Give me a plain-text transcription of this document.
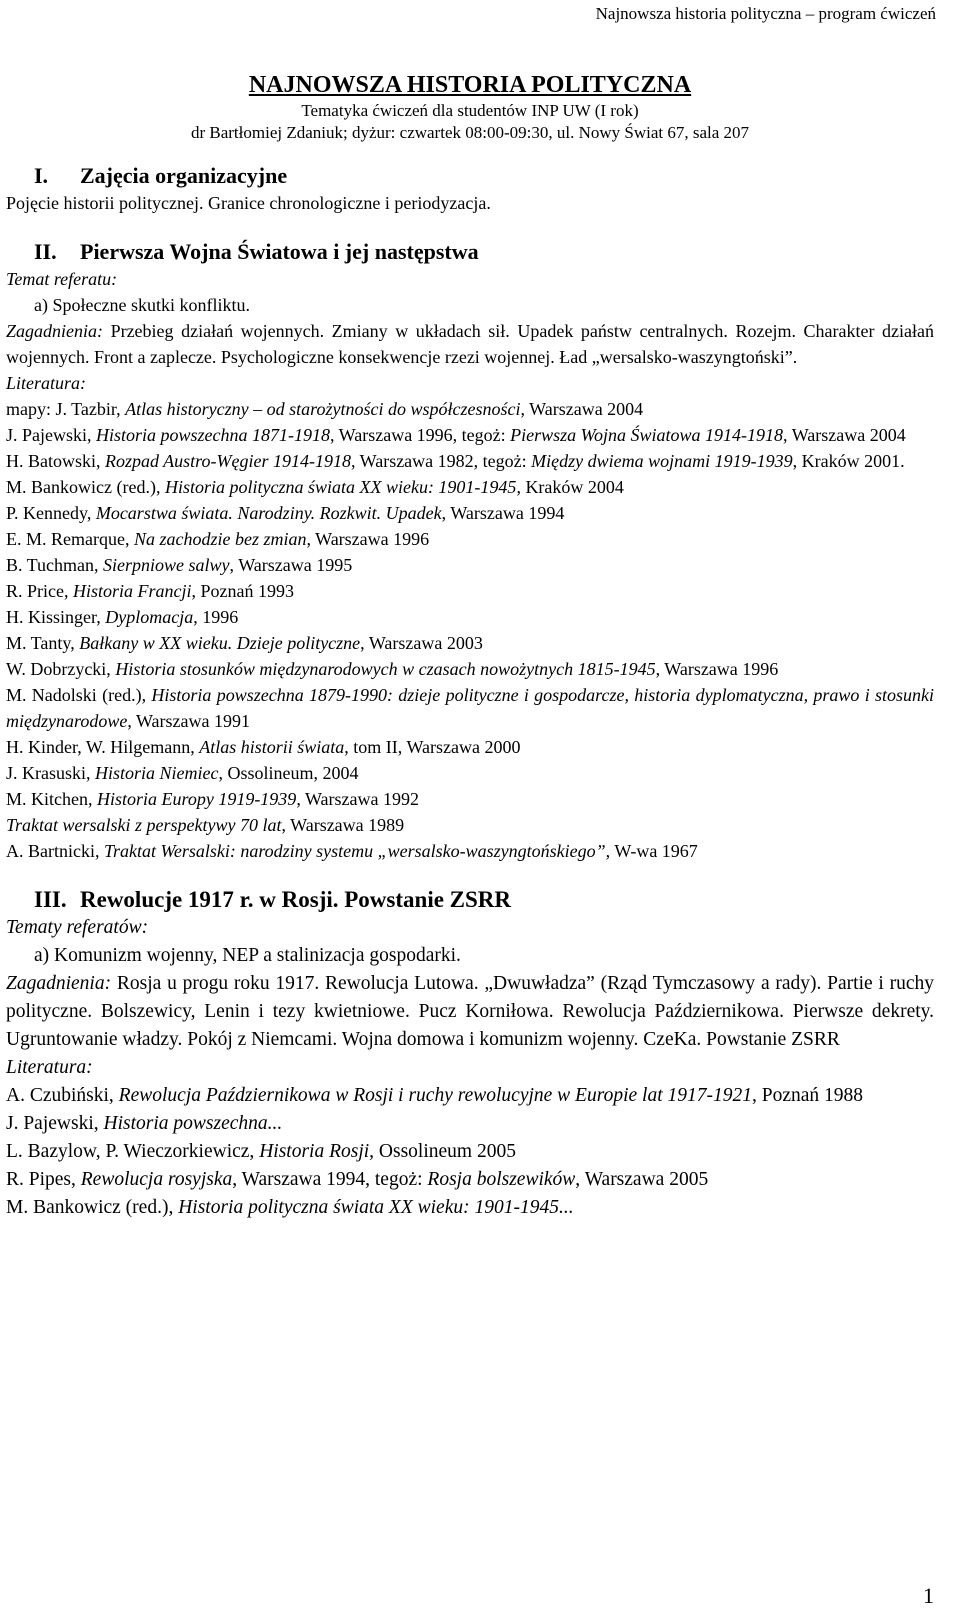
Najnowsza historia polityczna – program ćwiczeń

NAJNOWSZA HISTORIA POLITYCZNA
Tematyka ćwiczeń dla studentów INP UW (I rok)
dr Bartłomiej Zdaniuk; dyżur: czwartek 08:00-09:30, ul. Nowy Świat 67, sala 207

I. Zajęcia organizacyjne

Pojęcie historii politycznej. Granice chronologiczne i periodyzacja.

II. Pierwsza Wojna Światowa i jej następstwa

Temat referatu:

a) Społeczne skutki konfliktu.

Zagadnienia: Przebieg działań wojennych. Zmiany w układach sił. Upadek państw centralnych. Rozejm. Charakter działań wojennych. Front a zaplecze. Psychologiczne konsekwencje rzezi wojennej. Ład „wersalsko-waszyngtoński”.

Literatura:

mapy: J. Tazbir, Atlas historyczny – od starożytności do współczesności, Warszawa 2004

J. Pajewski, Historia powszechna 1871-1918, Warszawa 1996, tegoż: Pierwsza Wojna Światowa 1914-1918, Warszawa 2004

H. Batowski, Rozpad Austro-Węgier 1914-1918, Warszawa 1982, tegoż: Między dwiema wojnami 1919-1939, Kraków 2001.

M. Bankowicz (red.), Historia polityczna świata XX wieku: 1901-1945, Kraków 2004

P. Kennedy, Mocarstwa świata. Narodziny. Rozkwit. Upadek, Warszawa 1994

E. M. Remarque, Na zachodzie bez zmian, Warszawa 1996

B. Tuchman, Sierpniowe salwy, Warszawa 1995

R. Price, Historia Francji, Poznań 1993

H. Kissinger, Dyplomacja, 1996

M. Tanty, Bałkany w XX wieku. Dzieje polityczne, Warszawa 2003

W. Dobrzycki, Historia stosunków międzynarodowych w czasach nowożytnych 1815-1945, Warszawa 1996

M. Nadolski (red.), Historia powszechna 1879-1990: dzieje polityczne i gospodarcze, historia dyplomatyczna, prawo i stosunki międzynarodowe, Warszawa 1991

H. Kinder, W. Hilgemann, Atlas historii świata, tom II, Warszawa 2000

J. Krasuski, Historia Niemiec, Ossolineum, 2004

M. Kitchen, Historia Europy 1919-1939, Warszawa 1992

Traktat wersalski z perspektywy 70 lat, Warszawa 1989

A. Bartnicki, Traktat Wersalski: narodziny systemu „wersalsko-waszyngtońskiego”, W-wa 1967

III. Rewolucje 1917 r. w Rosji. Powstanie ZSRR

Tematy referatów:

a) Komunizm wojenny, NEP a stalinizacja gospodarki.

Zagadnienia: Rosja u progu roku 1917. Rewolucja Lutowa. „Dwuwładza” (Rząd Tymczasowy a rady). Partie i ruchy polityczne. Bolszewicy, Lenin i tezy kwietniowe. Pucz Korniłowa. Rewolucja Październikowa. Pierwsze dekrety. Ugruntowanie władzy. Pokój z Niemcami. Wojna domowa i komunizm wojenny. CzeKa. Powstanie ZSRR

Literatura:

A. Czubiński, Rewolucja Październikowa w Rosji i ruchy rewolucyjne w Europie lat 1917-1921, Poznań 1988

J. Pajewski, Historia powszechna...

L. Bazylow, P. Wieczorkiewicz, Historia Rosji, Ossolineum 2005

R. Pipes, Rewolucja rosyjska, Warszawa 1994, tegoż: Rosja bolszewików, Warszawa 2005

M. Bankowicz (red.), Historia polityczna świata XX wieku: 1901-1945...

1
